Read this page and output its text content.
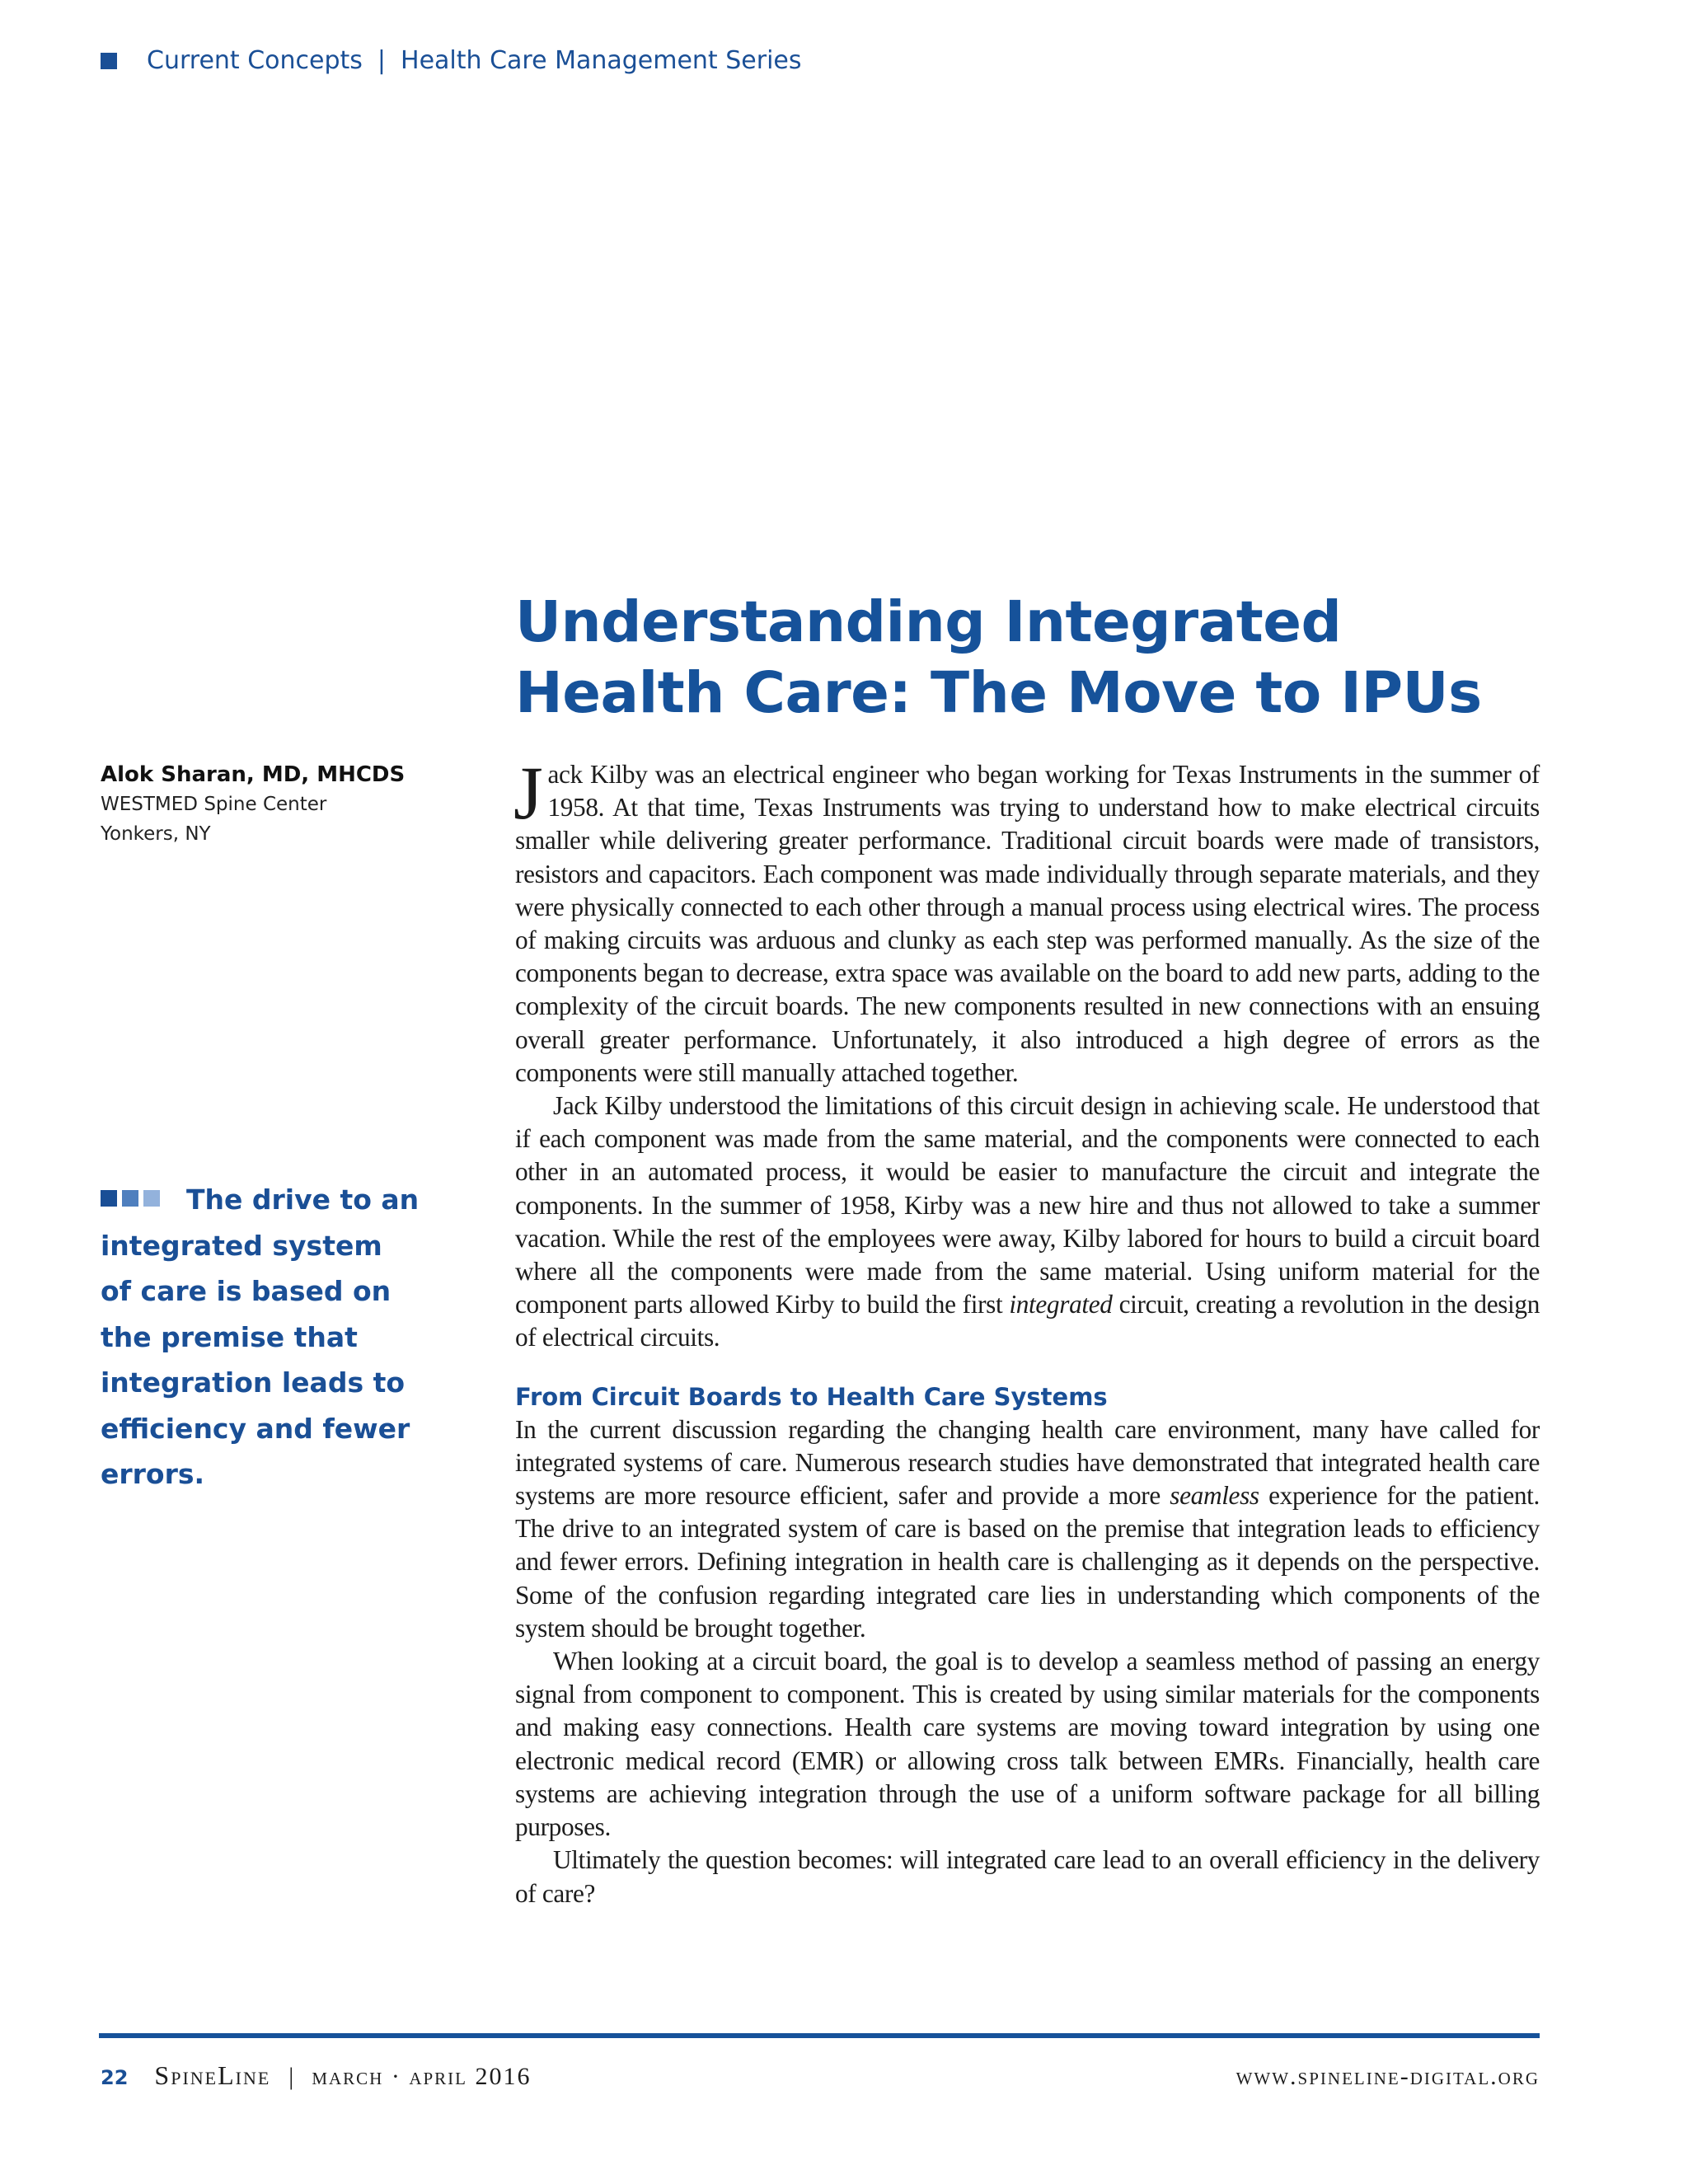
Current Concepts | Health Care Management Series
Understanding Integrated Health Care: The Move to IPUs
Alok Sharan, MD, MHCDS
WESTMED Spine Center
Yonkers, NY
The drive to an integrated system of care is based on the premise that integration leads to efficiency and fewer errors.

Jack Kilby was an electrical engineer who began working for Texas Instruments in the summer of 1958. At that time, Texas Instruments was trying to understand how to make electrical circuits smaller while delivering greater performance. Traditional circuit boards were made of transistors, resistors and capacitors. Each component was made individually through separate materials, and they were physically connected to each other through a manual process using electrical wires. The process of making circuits was arduous and clunky as each step was performed manually. As the size of the components began to decrease, extra space was available on the board to add new parts, adding to the complexity of the circuit boards. The new components resulted in new connections with an ensuing overall greater performance. Unfortunately, it also introduced a high degree of errors as the components were still manually attached together.

Jack Kilby understood the limitations of this circuit design in achieving scale. He understood that if each component was made from the same material, and the components were connected to each other in an automated process, it would be easier to manufacture the circuit and integrate the components. In the summer of 1958, Kirby was a new hire and thus not allowed to take a summer vacation. While the rest of the employees were away, Kilby labored for hours to build a circuit board where all the components were made from the same material. Using uniform material for the component parts allowed Kirby to build the first integrated circuit, creating a revolution in the design of electrical circuits.

From Circuit Boards to Health Care Systems

In the current discussion regarding the changing health care environment, many have called for integrated systems of care. Numerous research studies have demonstrated that integrated health care systems are more resource efficient, safer and provide a more seamless experience for the patient. The drive to an integrated system of care is based on the premise that integration leads to efficiency and fewer errors. Defining integration in health care is challenging as it depends on the perspective. Some of the confusion regarding integrated care lies in understanding which components of the system should be brought together.

When looking at a circuit board, the goal is to develop a seamless method of passing an energy signal from component to component. This is created by using similar materials for the components and making easy connections. Health care systems are moving toward integration by using one electronic medical record (EMR) or allowing cross talk between EMRs. Financially, health care systems are achieving integration through the use of a uniform software package for all billing purposes.

Ultimately the question becomes: will integrated care lead to an overall efficiency in the delivery of care?

22 SpineLine | march · april 2016	www.spineline-digital.org
